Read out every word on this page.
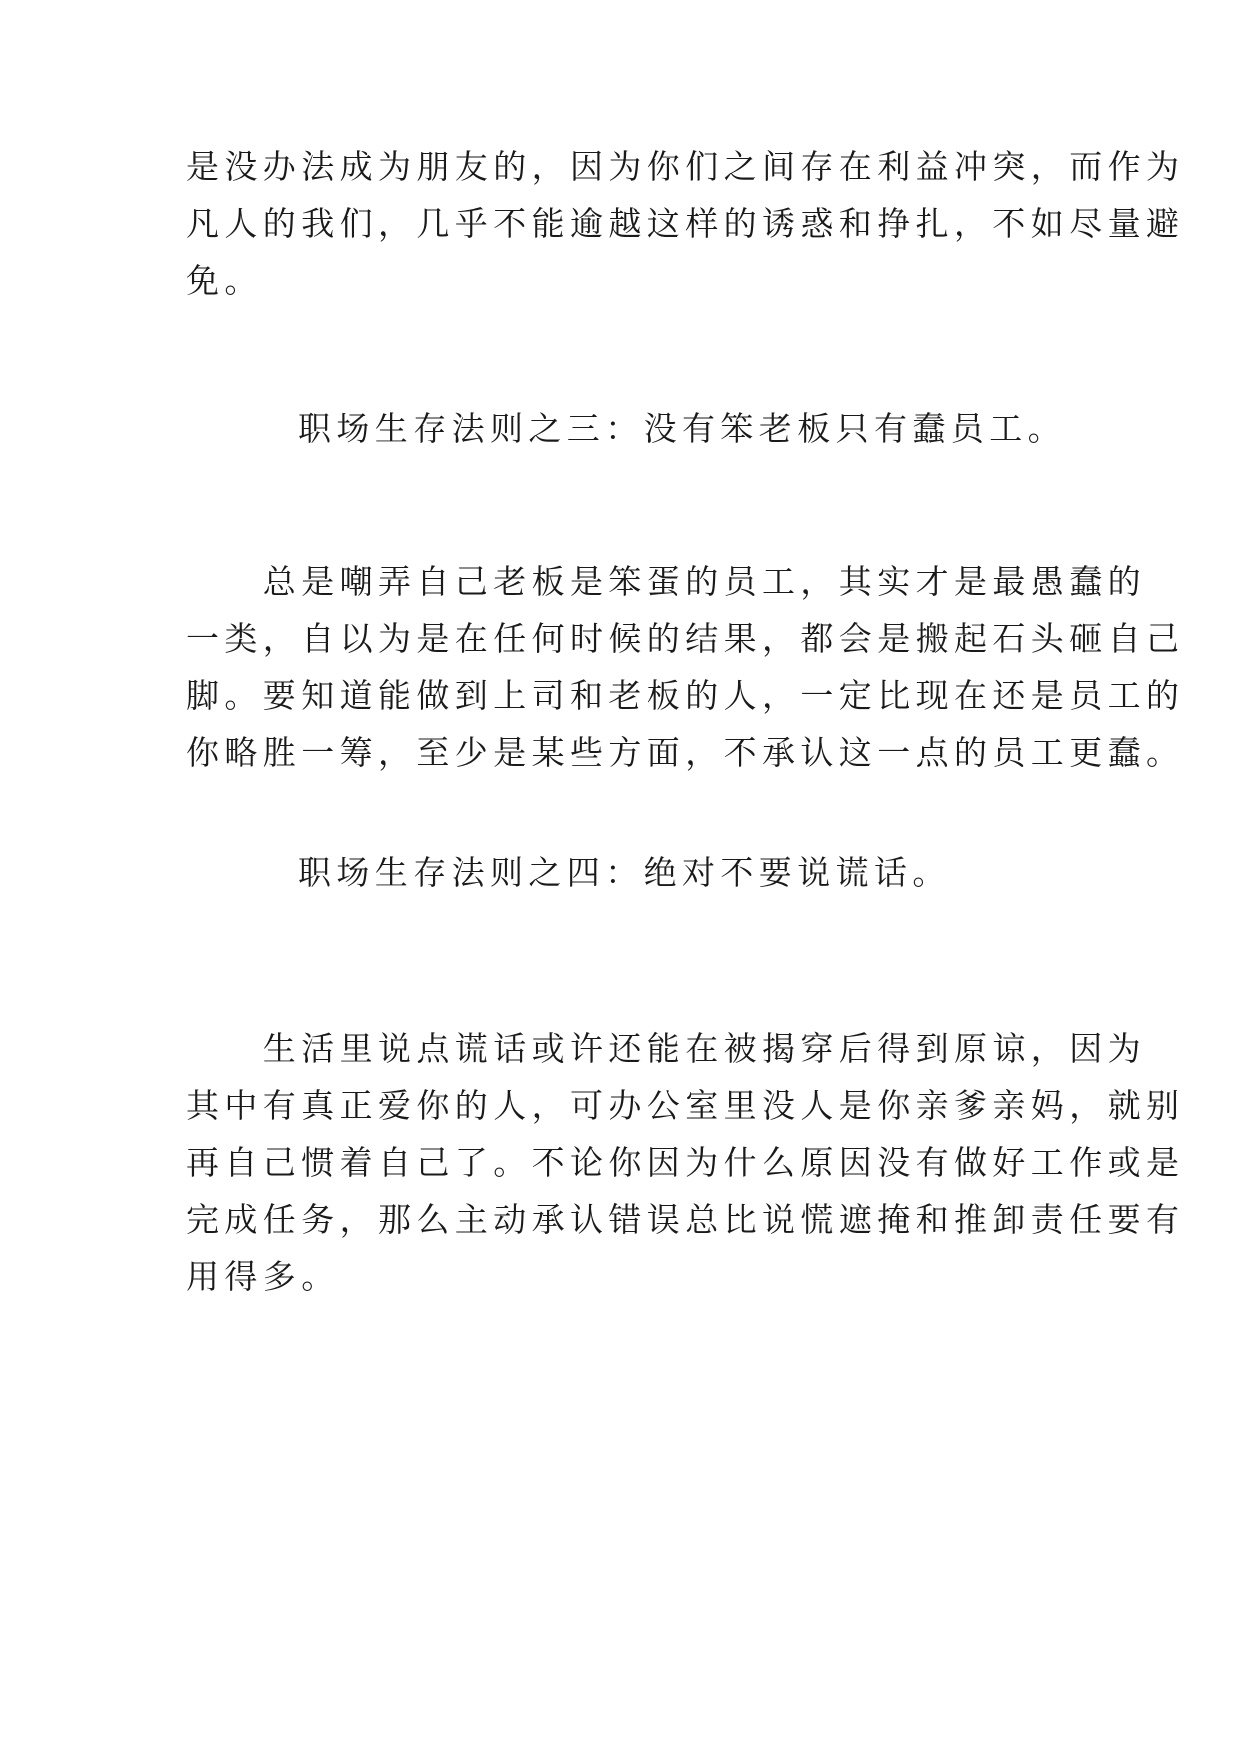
是没办法成为朋友的，因为你们之间存在利益冲突，而作为
凡人的我们，几乎不能逾越这样的诱惑和挣扎，不如尽量避
免。

职场生存法则之三：没有笨老板只有蠢员工。

　　总是嘲弄自己老板是笨蛋的员工，其实才是最愚蠢的
一类，自以为是在任何时候的结果，都会是搬起石头砸自己
脚。要知道能做到上司和老板的人，一定比现在还是员工的
你略胜一筹，至少是某些方面，不承认这一点的员工更蠢。

职场生存法则之四：绝对不要说谎话。

　　生活里说点谎话或许还能在被揭穿后得到原谅，因为
其中有真正爱你的人，可办公室里没人是你亲爹亲妈，就别
再自己惯着自己了。不论你因为什么原因没有做好工作或是
完成任务，那么主动承认错误总比说慌遮掩和推卸责任要有
用得多。
